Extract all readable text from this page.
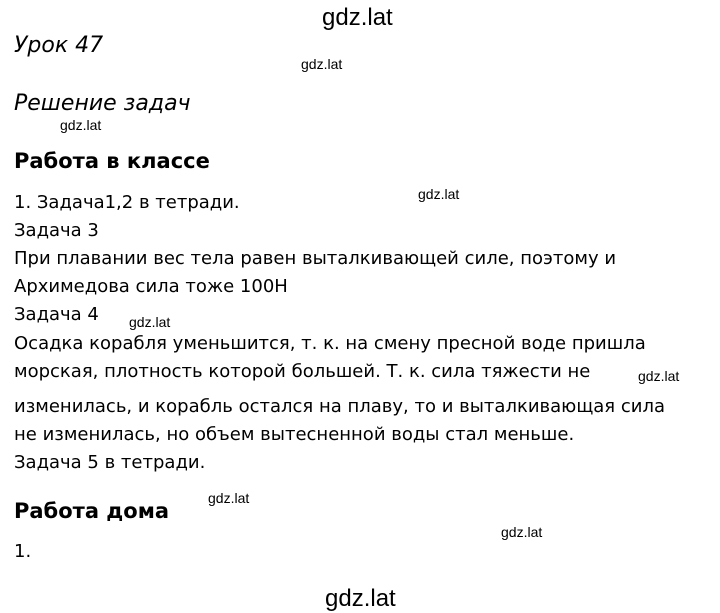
gdz.lat
gdz.lat
gdz.lat
gdz.lat
gdz.lat
gdz.lat
gdz.lat
gdz.lat
gdz.lat
Урок 47
Решение задач
Работа в классе
1. Задача1,2 в тетради.
Задача 3
При плавании вес тела равен выталкивающей силе, поэтому и
Архимедова сила тоже 100Н
Задача 4
Осадка корабля уменьшится, т. к. на смену пресной воде пришла
морская, плотность которой большей. Т. к. сила тяжести не
изменилась, и корабль остался на плаву, то и выталкивающая сила
не изменилась, но объем вытесненной воды стал меньше.
Задача 5 в тетради.
Работа дома
1.
